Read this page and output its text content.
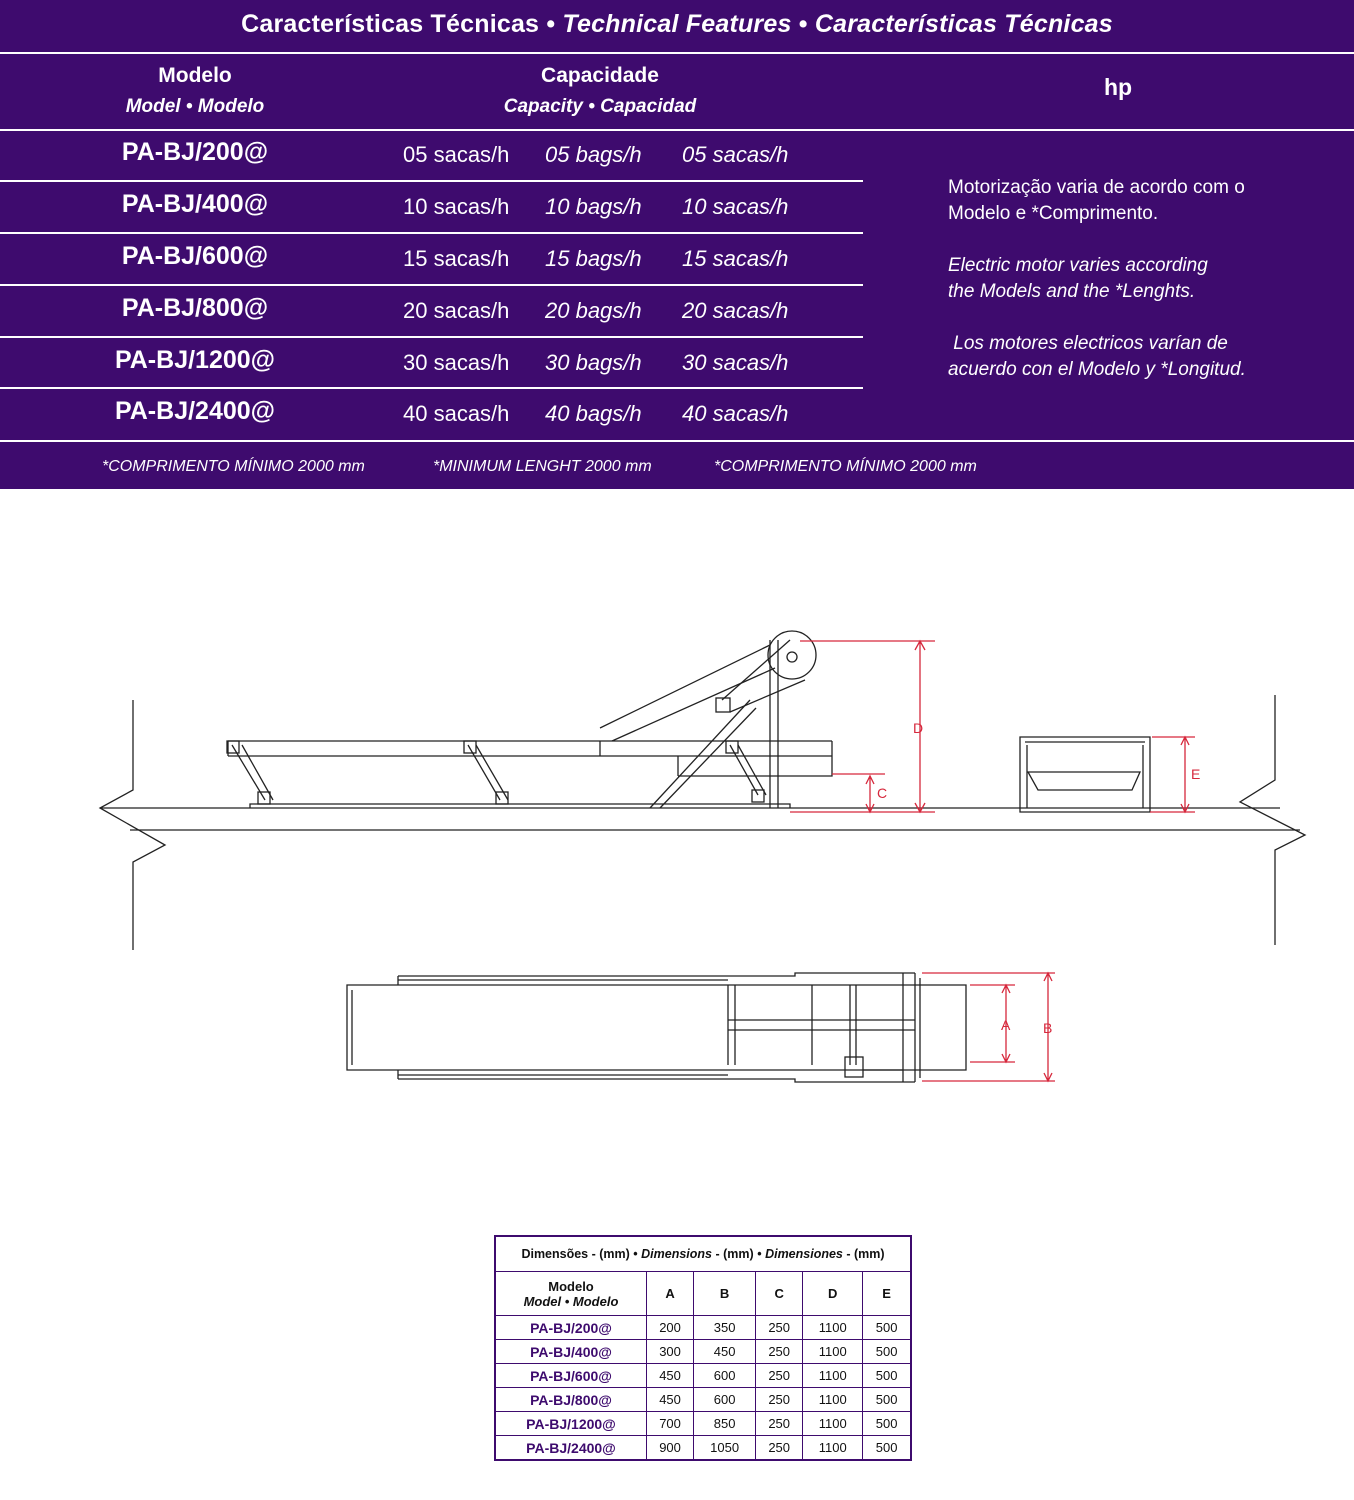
Características Técnicas • Technical Features • Características Técnicas
Modelo
Model • Modelo
Capacidade
Capacity • Capacidad
hp
PA-BJ/200@	05 sacas/h 05 bags/h 05 sacas/h
PA-BJ/400@	10 sacas/h 10 bags/h 10 sacas/h
PA-BJ/600@	15 sacas/h 15 bags/h 15 sacas/h
PA-BJ/800@	20 sacas/h 20 bags/h 20 sacas/h
PA-BJ/1200@	30 sacas/h 30 bags/h 30 sacas/h
PA-BJ/2400@	40 sacas/h 40 bags/h 40 sacas/h

Motorização varia de acordo com o
Modelo e *Comprimento.

Electric motor varies according
the Models and the *Lenghts.

Los motores electricos varían de
acuerdo con el Modelo y *Longitud.

*COMPRIMENTO MÍNIMO 2000 mm	*MINIMUM LENGHT 2000 mm	*COMPRIMENTO MÍNIMO 2000 mm
D
C
E
A B
Dimensões - (mm) • Dimensions - (mm) • Dimensiones - (mm)					
Modelo
Model • Modelo	A	B	C	D	E
PA-BJ/200@	200	350	250	1100	500
PA-BJ/400@	300	450	250	1100	500
PA-BJ/600@	450	600	250	1100	500
PA-BJ/800@	450	600	250	1100	500
PA-BJ/1200@	700	850	250	1100	500
PA-BJ/2400@	900	1050	250	1100	500
